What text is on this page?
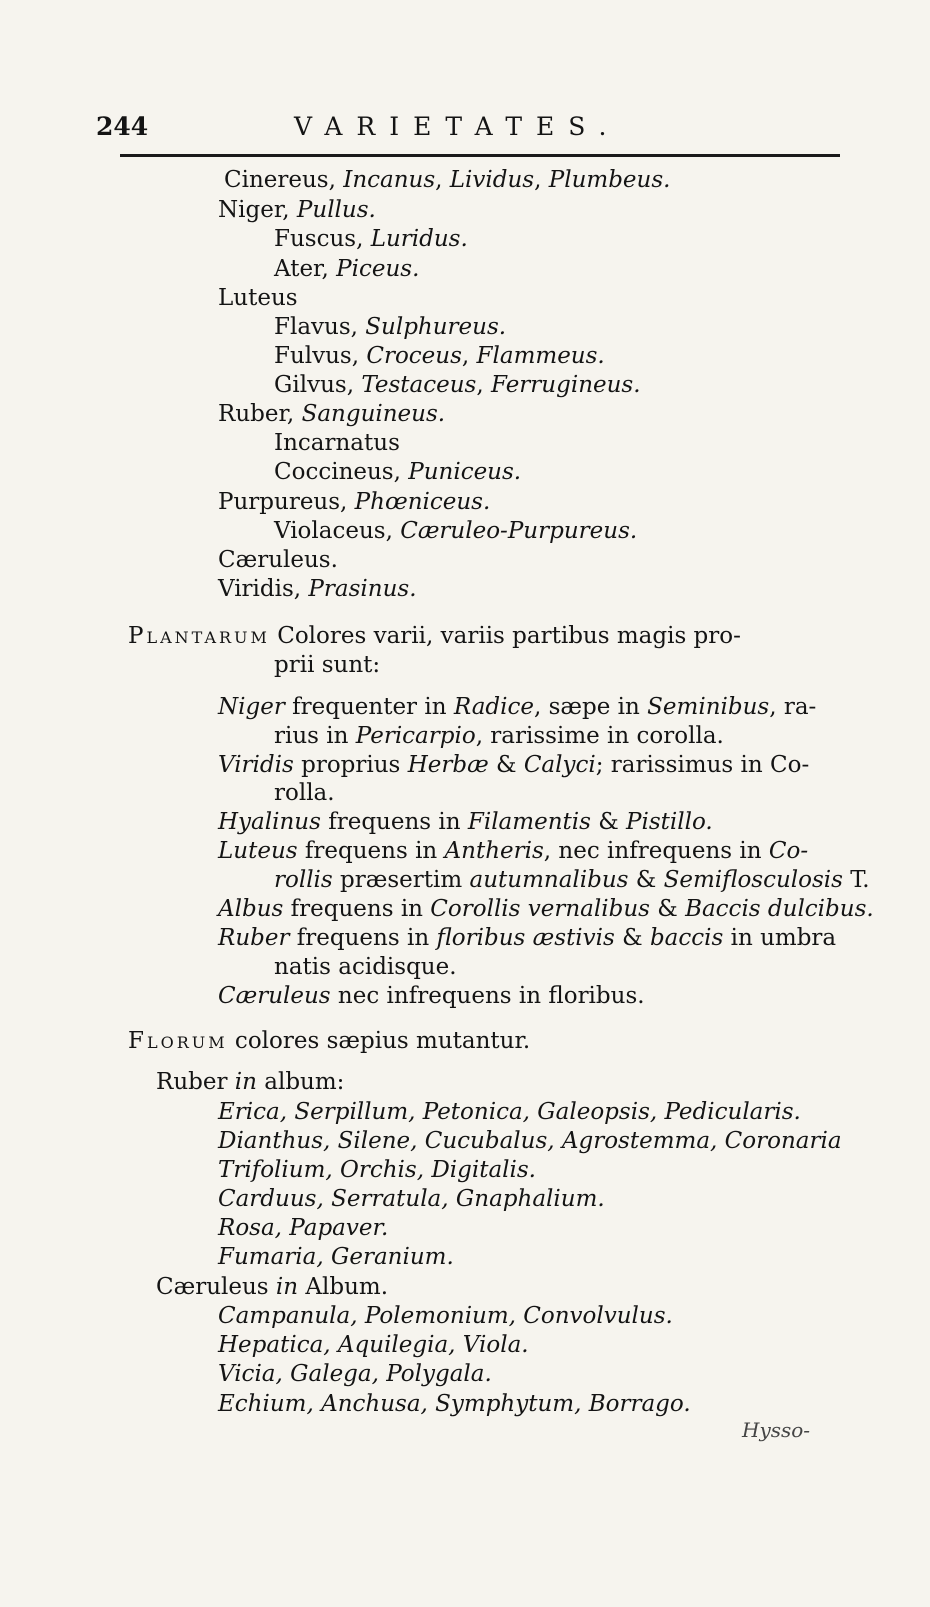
244	VARIETATES.
Cinereus, Incanus, Lividus, Plumbeus.
Niger, Pullus.
Fuscus, Luridus.
Ater, Piceus.
Luteus
Flavus, Sulphureus.
Fulvus, Croceus, Flammeus.
Gilvus, Testaceus, Ferrugineus.
Ruber, Sanguineus.
Incarnatus
Coccineus, Puniceus.
Purpureus, Phœniceus.
Violaceus, Cæruleo-Purpureus.
Cæruleus.
Viridis, Prasinus.
Plantarum Colores varii, variis partibus magis pro-
prii sunt:
Niger frequenter in Radice, sæpe in Seminibus, ra-
rius in Pericarpio, rarissime in corolla.
Viridis proprius Herbæ & Calyci; rarissimus in Co-
rolla.
Hyalinus frequens in Filamentis & Pistillo.
Luteus frequens in Antheris, nec infrequens in Co-
rollis præsertim autumnalibus & Semiflosculosis T.
Albus frequens in Corollis vernalibus & Baccis dulcibus.
Ruber frequens in floribus æstivis & baccis in umbra
natis acidisque.
Cæruleus nec infrequens in floribus.
Florum colores sæpius mutantur.
Ruber in album:
Erica, Serpillum, Petonica, Galeopsis, Pedicularis.
Dianthus, Silene, Cucubalus, Agrostemma, Coronaria
Trifolium, Orchis, Digitalis.
Carduus, Serratula, Gnaphalium.
Rosa, Papaver.
Fumaria, Geranium.
Cæruleus in Album.
Campanula, Polemonium, Convolvulus.
Hepatica, Aquilegia, Viola.
Vicia, Galega, Polygala.
Echium, Anchusa, Symphytum, Borrago.
Hysso-
